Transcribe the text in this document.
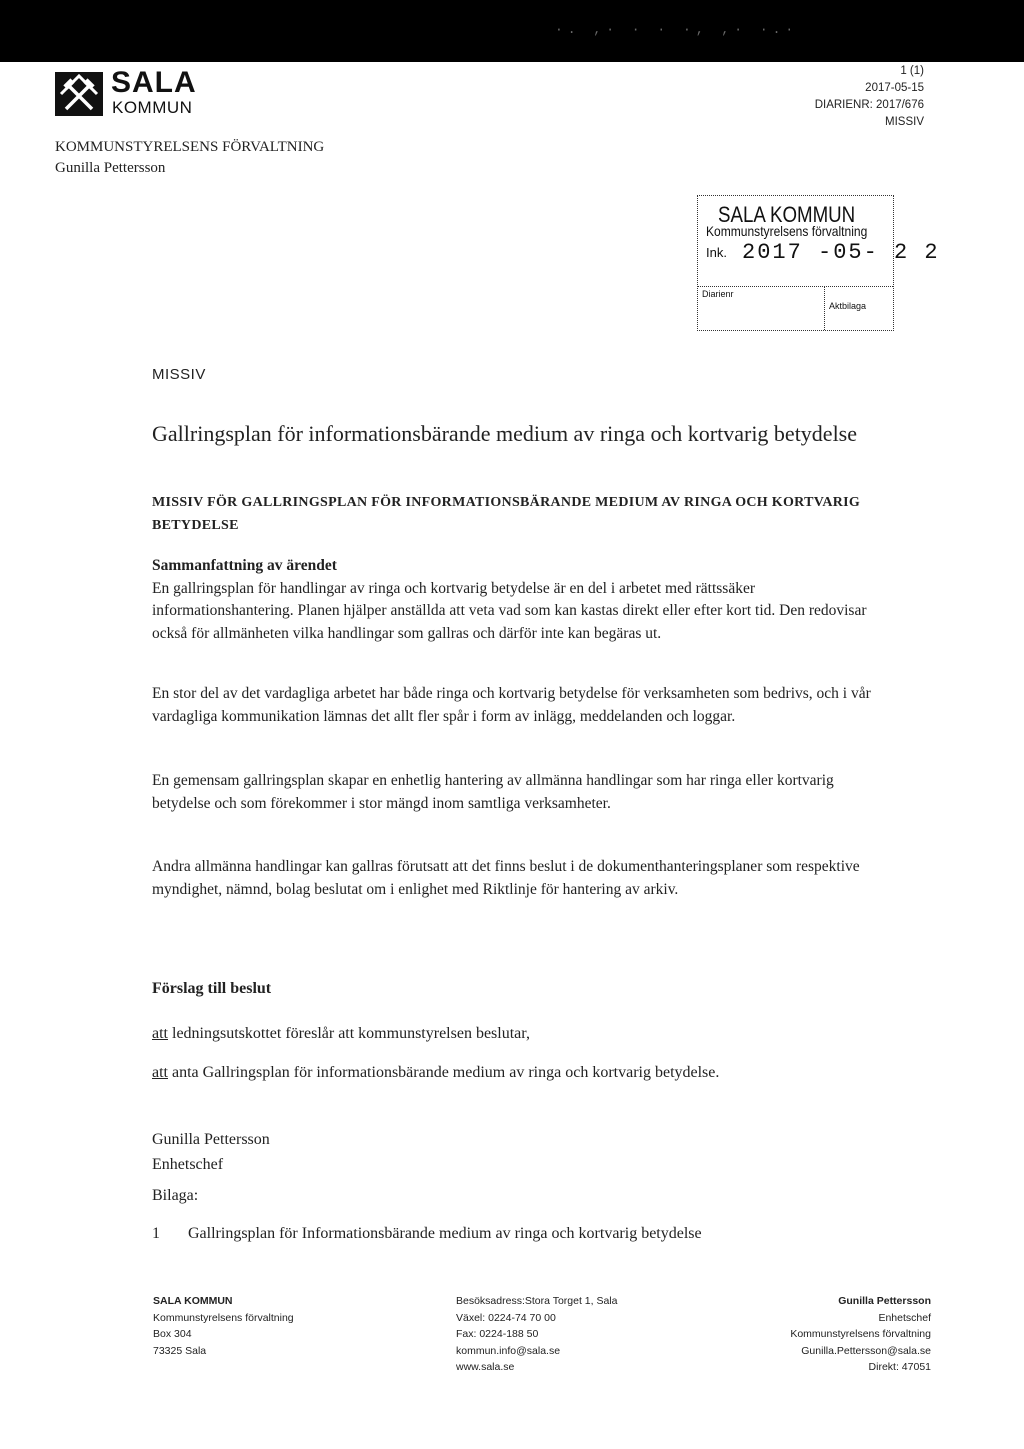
·. ,· · · ·, ,· ·.·
SALA
KOMMUN
KOMMUNSTYRELSENS FÖRVALTNING
Gunilla Pettersson
1 (1)
2017-05-15
DIARIENR: 2017/676
MISSIV
SALA KOMMUN
Kommunstyrelsens förvaltning
Ink. 2017 -05- 2 2
Diarienr
Aktbilaga
MISSIV
Gallringsplan för informationsbärande medium av ringa och kortvarig betydelse
MISSIV FÖR GALLRINGSPLAN FÖR INFORMATIONSBÄRANDE MEDIUM AV RINGA OCH KORTVARIG BETYDELSE
Sammanfattning av ärendet

En gallringsplan för handlingar av ringa och kortvarig betydelse är en del i arbetet med rättssäker informationshantering. Planen hjälper anställda att veta vad som kan kastas direkt eller efter kort tid. Den redovisar också för allmänheten vilka handlingar som gallras och därför inte kan begäras ut.

En stor del av det vardagliga arbetet har både ringa och kortvarig betydelse för verksamheten som bedrivs, och i vår vardagliga kommunikation lämnas det allt fler spår i form av inlägg, meddelanden och loggar.

En gemensam gallringsplan skapar en enhetlig hantering av allmänna handlingar som har ringa eller kortvarig betydelse och som förekommer i stor mängd inom samtliga verksamheter.

Andra allmänna handlingar kan gallras förutsatt att det finns beslut i de dokumenthanteringsplaner som respektive myndighet, nämnd, bolag beslutat om i enlighet med Riktlinje för hantering av arkiv.

Förslag till beslut
att ledningsutskottet föreslår att kommunstyrelsen beslutar,
att anta Gallringsplan för informationsbärande medium av ringa och kortvarig betydelse.
Gunilla Pettersson
Enhetschef
Bilaga:
1 Gallringsplan för Informationsbärande medium av ringa och kortvarig betydelse
SALA KOMMUN
Kommunstyrelsens förvaltning
Box 304
73325 Sala
Besöksadress:Stora Torget 1, Sala
Växel: 0224-74 70 00
Fax: 0224-188 50
kommun.info@sala.se
www.sala.se
Gunilla Pettersson
Enhetschef
Kommunstyrelsens förvaltning
Gunilla.Pettersson@sala.se
Direkt: 47051
